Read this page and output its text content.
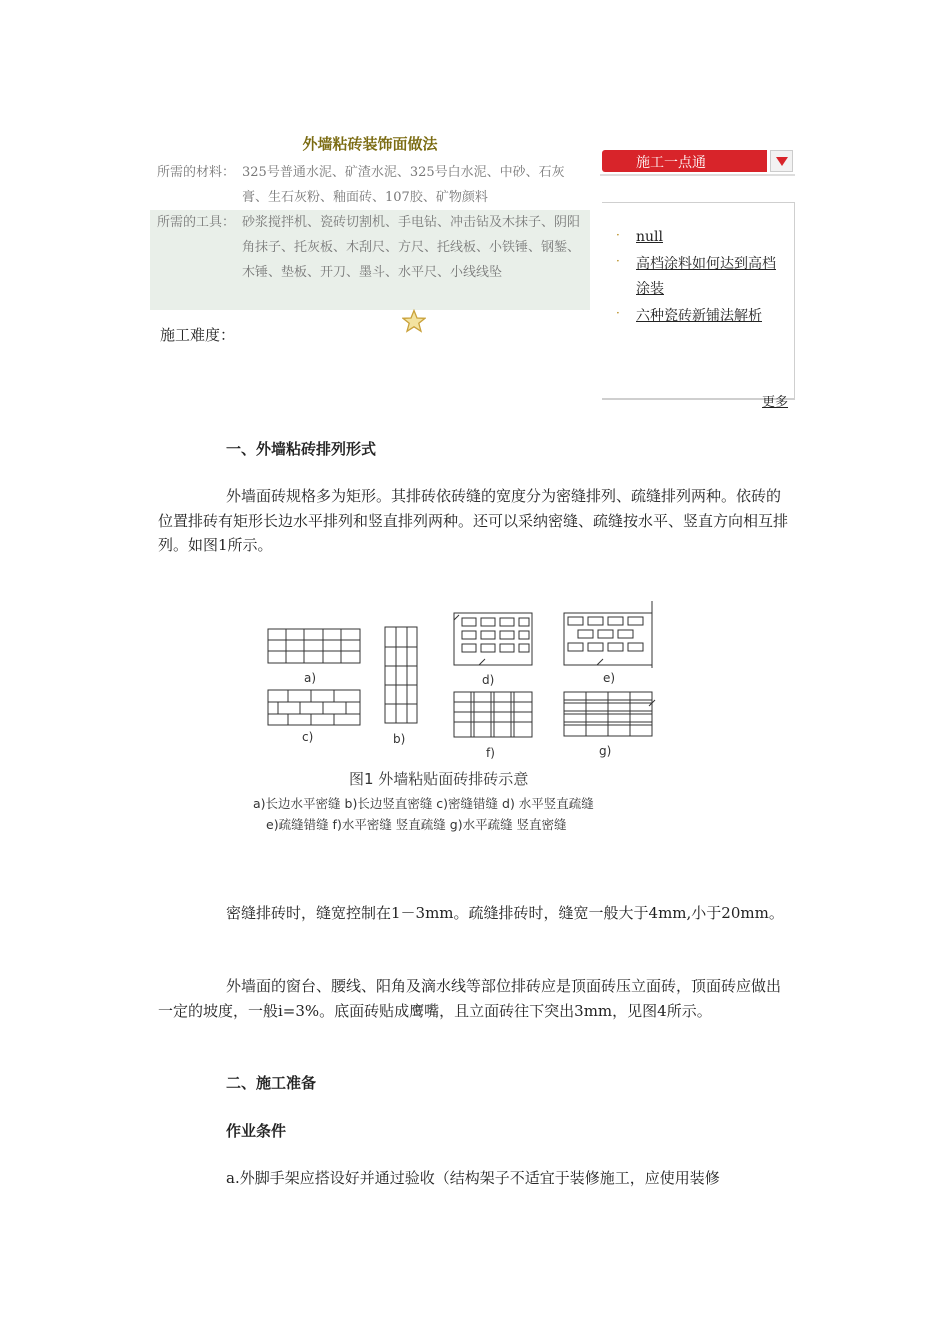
外墙粘砖装饰面做法
所需的材料： 325号普通水泥、矿渣水泥、325号白水泥、中砂、石灰膏、生石灰粉、釉面砖、107胶、矿物颜料
所需的工具： 砂浆搅拌机、瓷砖切割机、手电钻、冲击钻及木抹子、阴阳角抹子、托灰板、木刮尺、方尺、托线板、小铁锤、钢錾、木锤、垫板、开刀、墨斗、水平尺、小线线坠
施工难度：
施工一点通
· null
· 高档涂料如何达到高档涂装
· 六种瓷砖新铺法解析
更多
一、外墙粘砖排列形式
外墙面砖规格多为矩形。其排砖依砖缝的宽度分为密缝排列、疏缝排列两种。依砖的位置排砖有矩形长边水平排列和竖直排列两种。还可以采纳密缝、疏缝按水平、竖直方向相互排列。如图1所示。
a)
b)
c)
d)	e)
f)	g)
图1 外墙粘贴面砖排砖示意
a)长边水平密缝 b)长边竖直密缝 c)密缝错缝 d) 水平竖直疏缝
e)疏缝错缝 f)水平密缝 竖直疏缝 g)水平疏缝 竖直密缝
密缝排砖时，缝宽控制在1－3mm。疏缝排砖时，缝宽一般大于4mm,小于20mm。
外墙面的窗台、腰线、阳角及滴水线等部位排砖应是顶面砖压立面砖，顶面砖应做出一定的坡度，一般i=3%。底面砖贴成鹰嘴，且立面砖往下突出3mm，见图4所示。
二、施工准备
作业条件
a.外脚手架应搭设好并通过验收（结构架子不适宜于装修施工，应使用装修
